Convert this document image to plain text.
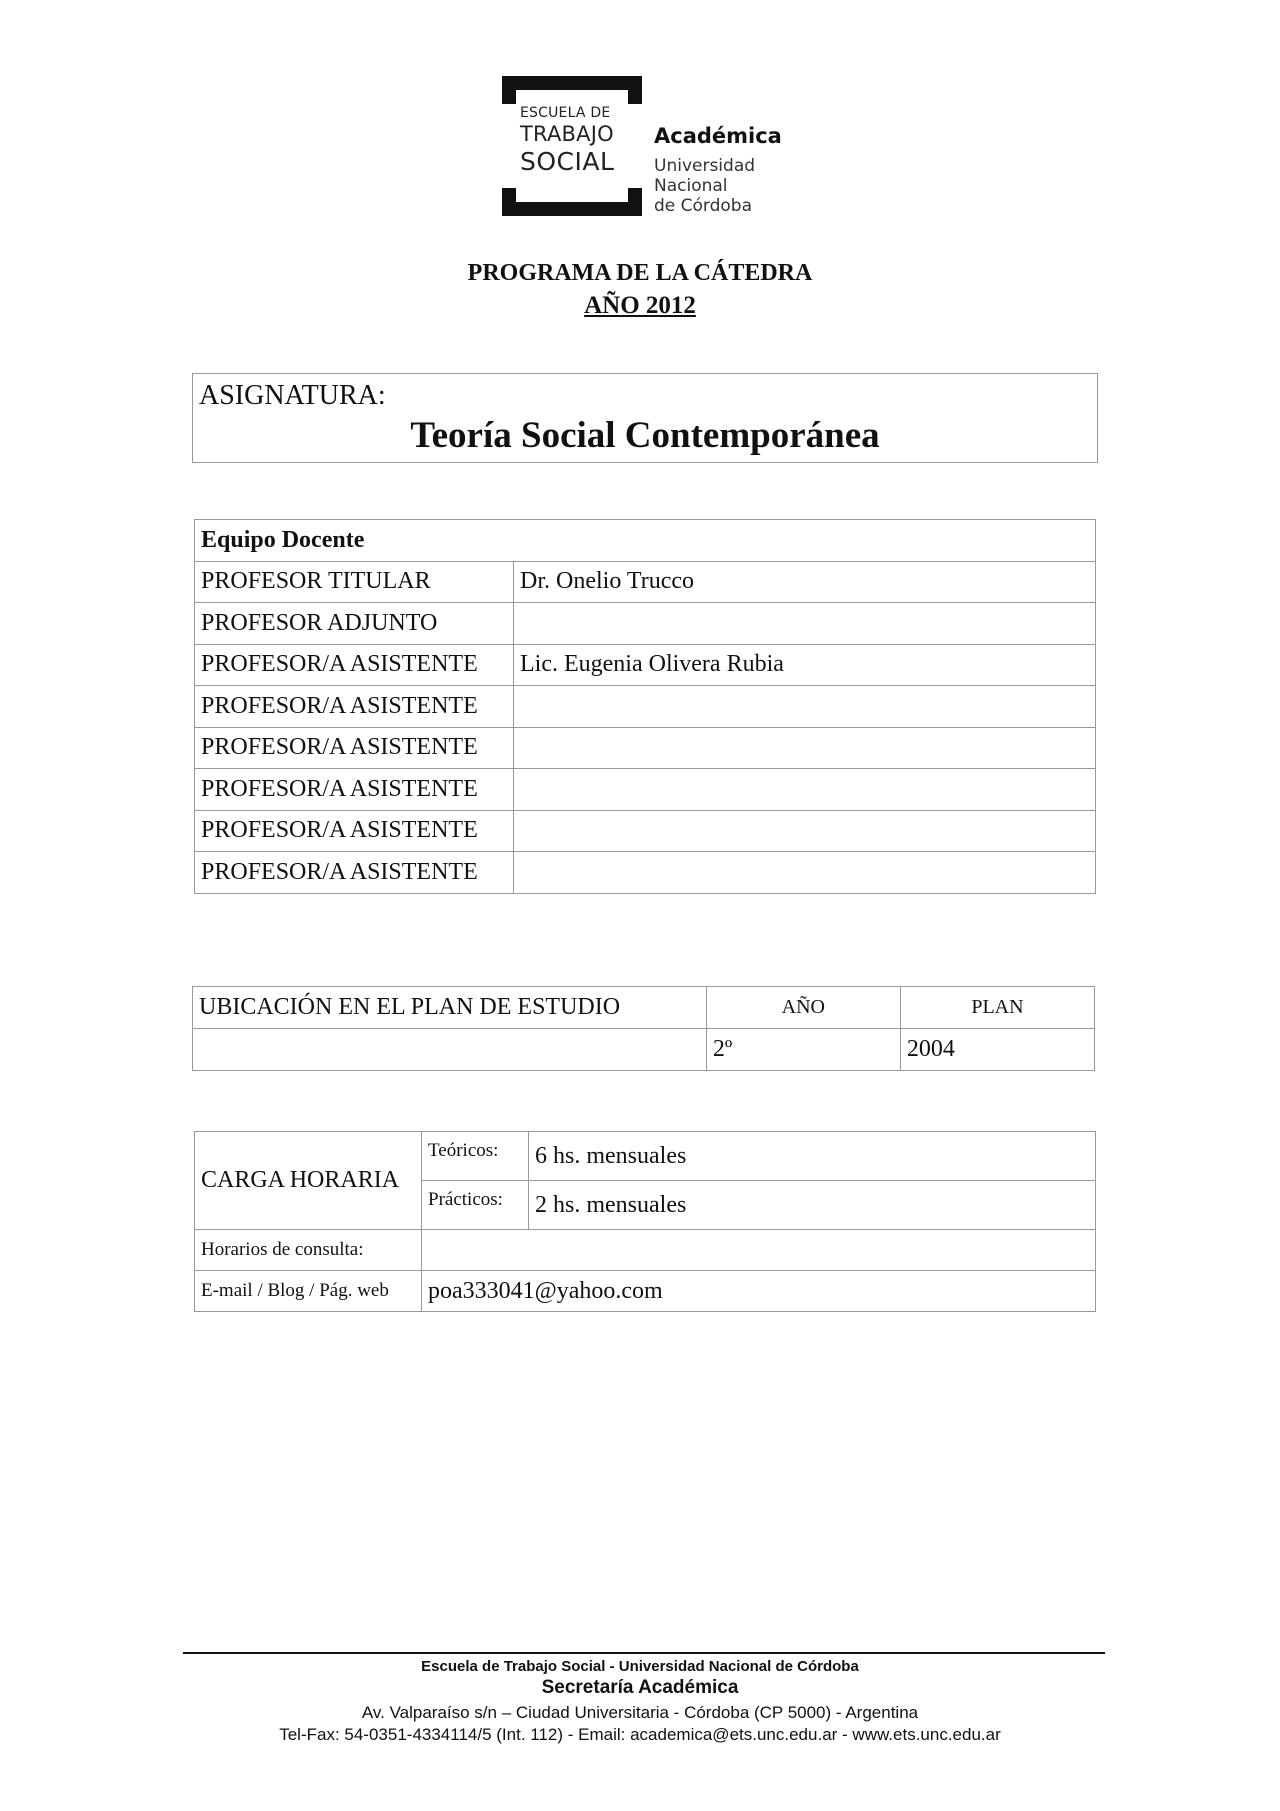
ESCUELA DE
TRABAJO
SOCIAL
Académica
Universidad
Nacional
de Córdoba
PROGRAMA DE LA CÁTEDRA
AÑO 2012
ASIGNATURA:
Teoría Social Contemporánea
Equipo Docente	
PROFESOR TITULAR	Dr. Onelio Trucco
PROFESOR ADJUNTO	
PROFESOR/A ASISTENTE	Lic. Eugenia Olivera Rubia
PROFESOR/A ASISTENTE	
PROFESOR/A ASISTENTE	
PROFESOR/A ASISTENTE	
PROFESOR/A ASISTENTE	
PROFESOR/A ASISTENTE	
UBICACIÓN EN EL PLAN DE ESTUDIO	AÑO	PLAN
	2º	2004
CARGA HORARIA	Teóricos:	6 hs. mensuales
	Prácticos:	2 hs. mensuales
Horarios de consulta:		
E-mail / Blog / Pág. web	poa333041@yahoo.com	
Escuela de Trabajo Social - Universidad Nacional de Córdoba
Secretaría Académica
Av. Valparaíso s/n – Ciudad Universitaria - Córdoba (CP 5000) - Argentina
Tel-Fax: 54-0351-4334114/5 (Int. 112) - Email: academica@ets.unc.edu.ar - www.ets.unc.edu.ar
